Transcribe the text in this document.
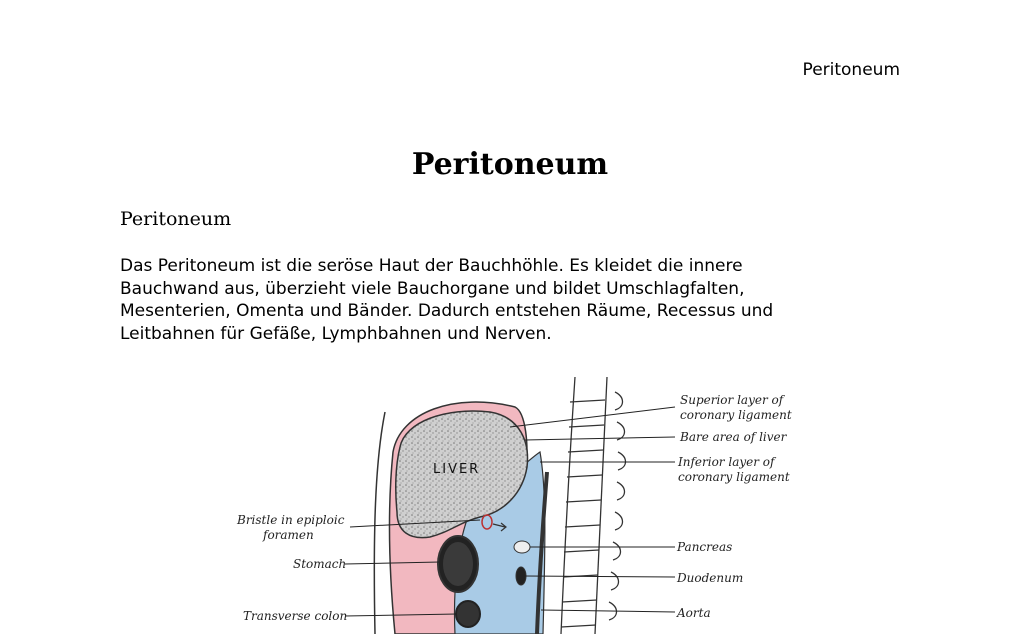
Peritoneum
Peritoneum
Peritoneum

Das Peritoneum ist die seröse Haut der Bauchhöhle. Es kleidet die innere Bauchwand aus, überzieht viele Bauchorgane und bildet Umschlagfalten, Mesenterien, Omenta und Bänder. Dadurch entstehen Räume, Recessus und Leitbahnen für Gefäße, Lymphbahnen und Nerven.

LIVER
Superior layer of
coronary ligament
Bare area of liver
Inferior layer of
coronary ligament
Pancreas
Duodenum
Aorta
Bristle in epiploic
foramen
Stomach
Transverse colon
